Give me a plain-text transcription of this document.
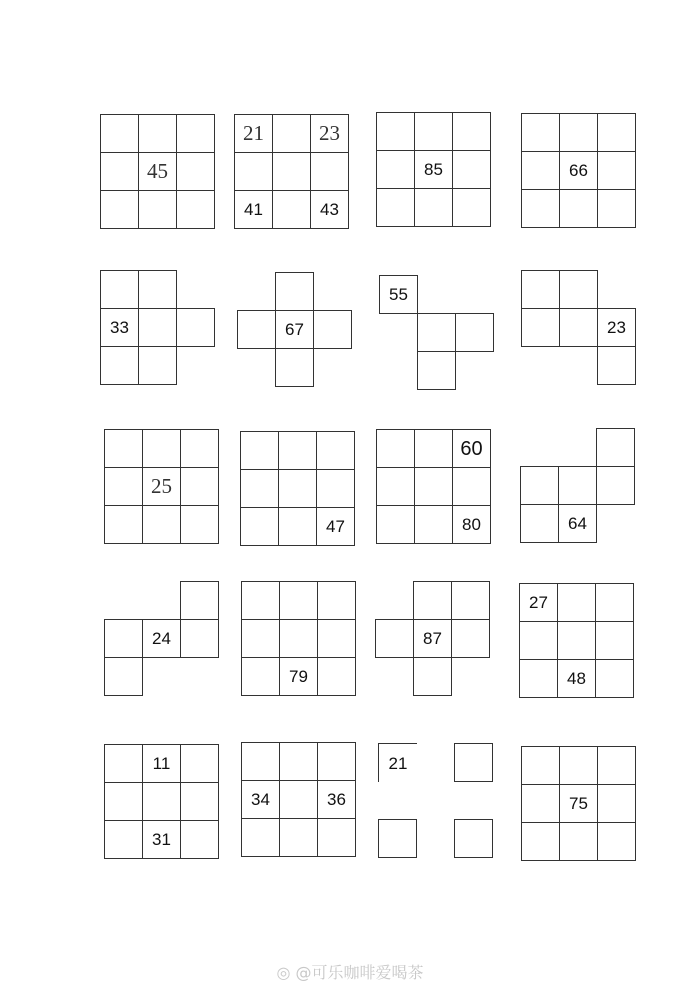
45
21	23
41	43
85	66
33	67
55
23
25
47
60
80	64
24
79
87
27
48
11
31
34	36
21
75
◎ @可乐咖啡爱喝茶
